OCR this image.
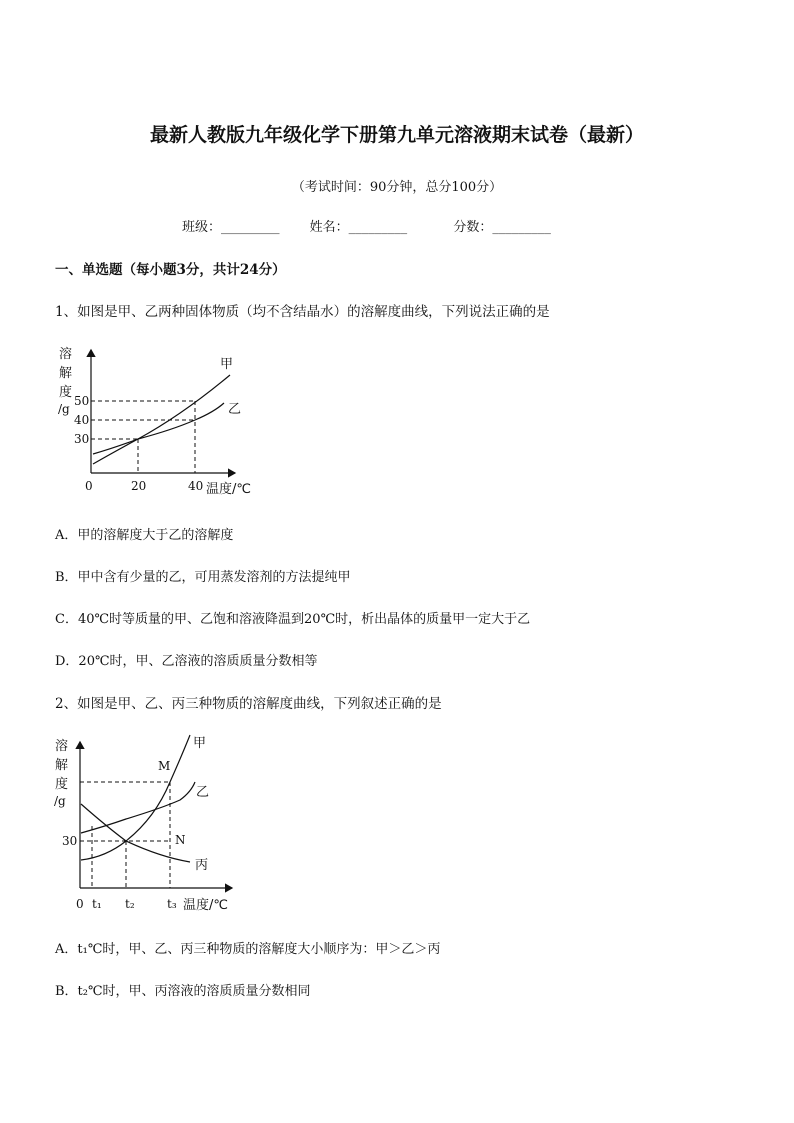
最新人教版九年级化学下册第九单元溶液期末试卷（最新）
（考试时间：90分钟，总分100分）
班级：_________ 姓名：_________	分数：_________
一、单选题（每小题3分，共计24分）
1、如图是甲、乙两种固体物质（均不含结晶水）的溶解度曲线，下列说法正确的是
溶
解
度
/g
50
40
30
0	20	40 温度/℃
甲
乙
A．甲的溶解度大于乙的溶解度
B．甲中含有少量的乙，可用蒸发溶剂的方法提纯甲
C．40℃时等质量的甲、乙饱和溶液降温到20℃时，析出晶体的质量甲一定大于乙
D．20℃时，甲、乙溶液的溶质质量分数相等
2、如图是甲、乙、丙三种物质的溶解度曲线，下列叙述正确的是
溶
解
度
/g
30
0 t₁ t₂	t₃ 温度/℃
M
N
甲
乙
丙
A．t₁℃时，甲、乙、丙三种物质的溶解度大小顺序为：甲＞乙＞丙
B．t₂℃时，甲、丙溶液的溶质质量分数相同
